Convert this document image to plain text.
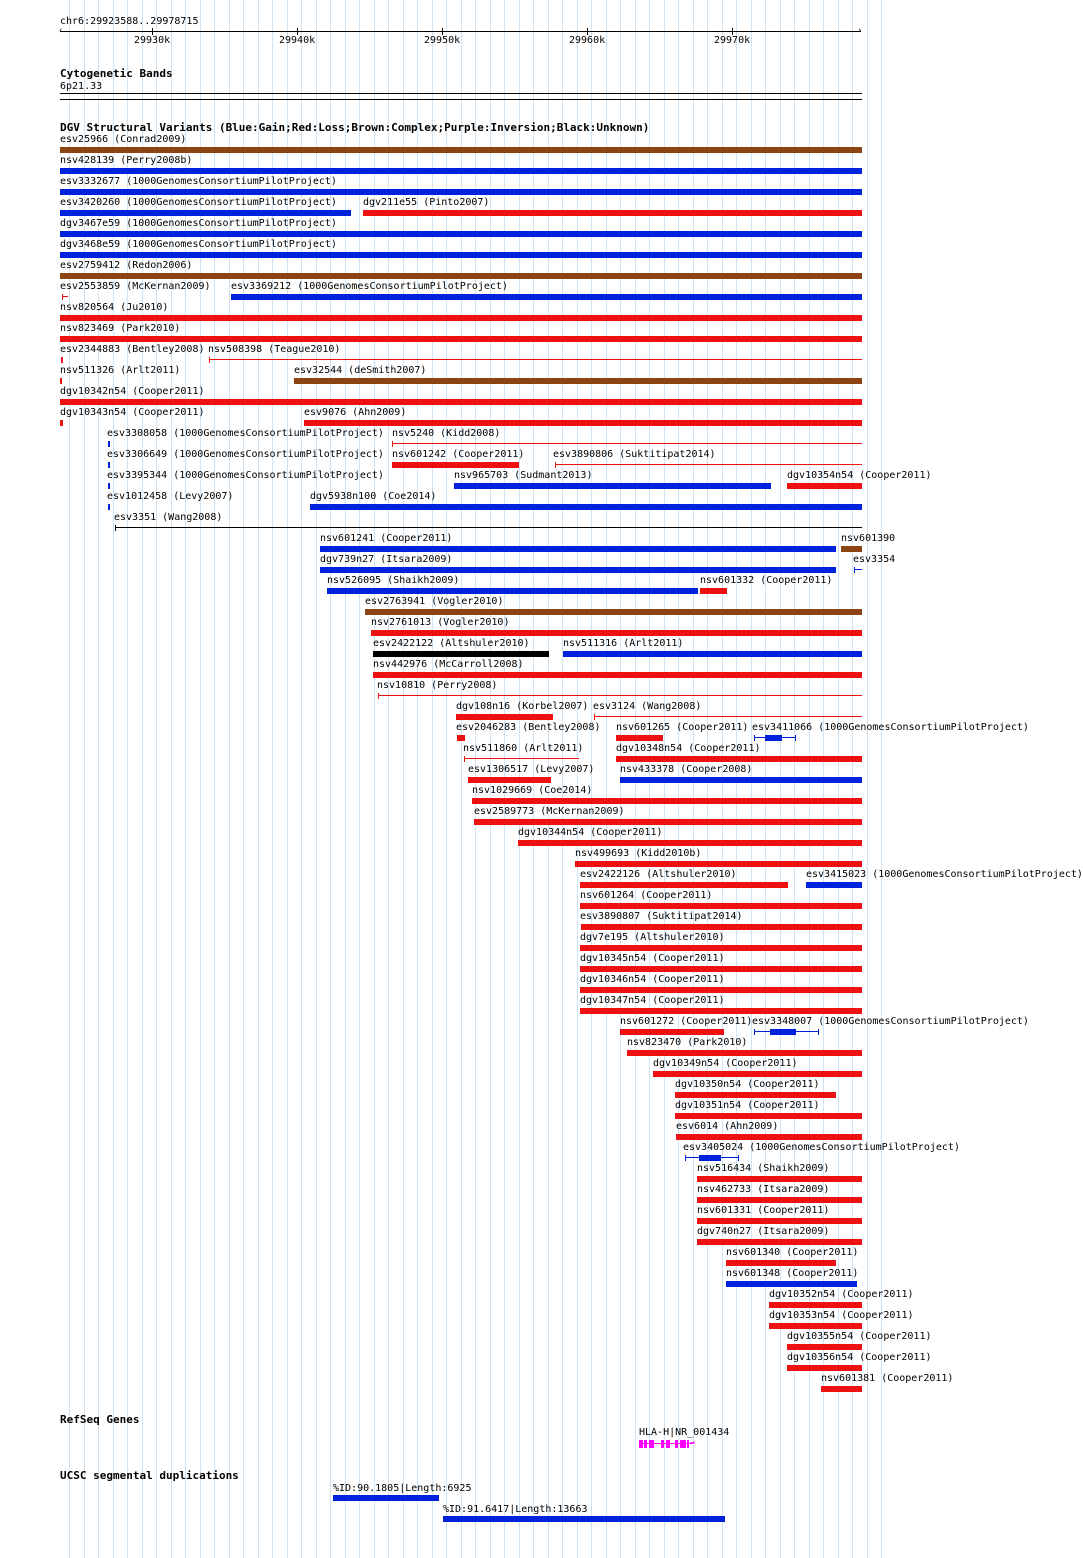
chr6:29923588..29978715
‹	›
29930k	29940k	29950k	29960k	29970k
Cytogenetic Bands
6p21.33
DGV Structural Variants (Blue:Gain;Red:Loss;Brown:Complex;Purple:Inversion;Black:Unknown)
esv25966 (Conrad2009)
nsv428139 (Perry2008b)
esv3332677 (1000GenomesConsortiumPilotProject)
esv3420260 (1000GenomesConsortiumPilotProject)	dgv211e55 (Pinto2007)
dgv3467e59 (1000GenomesConsortiumPilotProject)
dgv3468e59 (1000GenomesConsortiumPilotProject)
esv2759412 (Redon2006)
esv2553859 (McKernan2009) esv3369212 (1000GenomesConsortiumPilotProject)
nsv820564 (Ju2010)
nsv823469 (Park2010)
esv2344883 (Bentley2008) nsv508398 (Teague2010)
nsv511326 (Arlt2011)	esv32544 (deSmith2007)
dgv10342n54 (Cooper2011)
dgv10343n54 (Cooper2011)	esv9076 (Ahn2009)
esv3308058 (1000GenomesConsortiumPilotProject) nsv5240 (Kidd2008)
esv3306649 (1000GenomesConsortiumPilotProject) nsv601242 (Cooper2011)	esv3890806 (Suktitipat2014)
esv3395344 (1000GenomesConsortiumPilotProject)	nsv965703 (Sudmant2013)	dgv10354n54 (Cooper2011)
esv1012458 (Levy2007)	dgv5938n100 (Coe2014)
esv3351 (Wang2008)
nsv601241 (Cooper2011)	nsv601390
dgv739n27 (Itsara2009)	esv3354
nsv526095 (Shaikh2009)	nsv601332 (Cooper2011)
esv2763941 (Vogler2010)
nsv2761013 (Vogler2010)
esv2422122 (Altshuler2010)	nsv511316 (Arlt2011)
nsv442976 (McCarroll2008)
nsv10810 (Perry2008)
dgv108n16 (Korbel2007) esv3124 (Wang2008)
esv2046283 (Bentley2008) nsv601265 (Cooper2011) esv3411066 (1000GenomesConsortiumPilotProject)
nsv511860 (Arlt2011)	dgv10348n54 (Cooper2011)
esv1306517 (Levy2007)	nsv433378 (Cooper2008)
nsv1029669 (Coe2014)
esv2589773 (McKernan2009)
dgv10344n54 (Cooper2011)
nsv499693 (Kidd2010b)
esv2422126 (Altshuler2010)	esv3415023 (1000GenomesConsortiumPilotProject)
nsv601264 (Cooper2011)
esv3890807 (Suktitipat2014)
dgv7e195 (Altshuler2010)
dgv10345n54 (Cooper2011)
dgv10346n54 (Cooper2011)
dgv10347n54 (Cooper2011)
nsv601272 (Cooper2011) esv3348007 (1000GenomesConsortiumPilotProject)
nsv823470 (Park2010)
dgv10349n54 (Cooper2011)
dgv10350n54 (Cooper2011)
dgv10351n54 (Cooper2011)
esv6014 (Ahn2009)
esv3405024 (1000GenomesConsortiumPilotProject)
nsv516434 (Shaikh2009)
nsv462733 (Itsara2009)
nsv601331 (Cooper2011)
dgv740n27 (Itsara2009)
nsv601340 (Cooper2011)
nsv601348 (Cooper2011)
dgv10352n54 (Cooper2011)
dgv10353n54 (Cooper2011)
dgv10355n54 (Cooper2011)
dgv10356n54 (Cooper2011)
nsv601381 (Cooper2011)
RefSeq Genes
HLA-H|NR_001434
→
UCSC segmental duplications
%ID:90.1805|Length:6925
%ID:91.6417|Length:13663
